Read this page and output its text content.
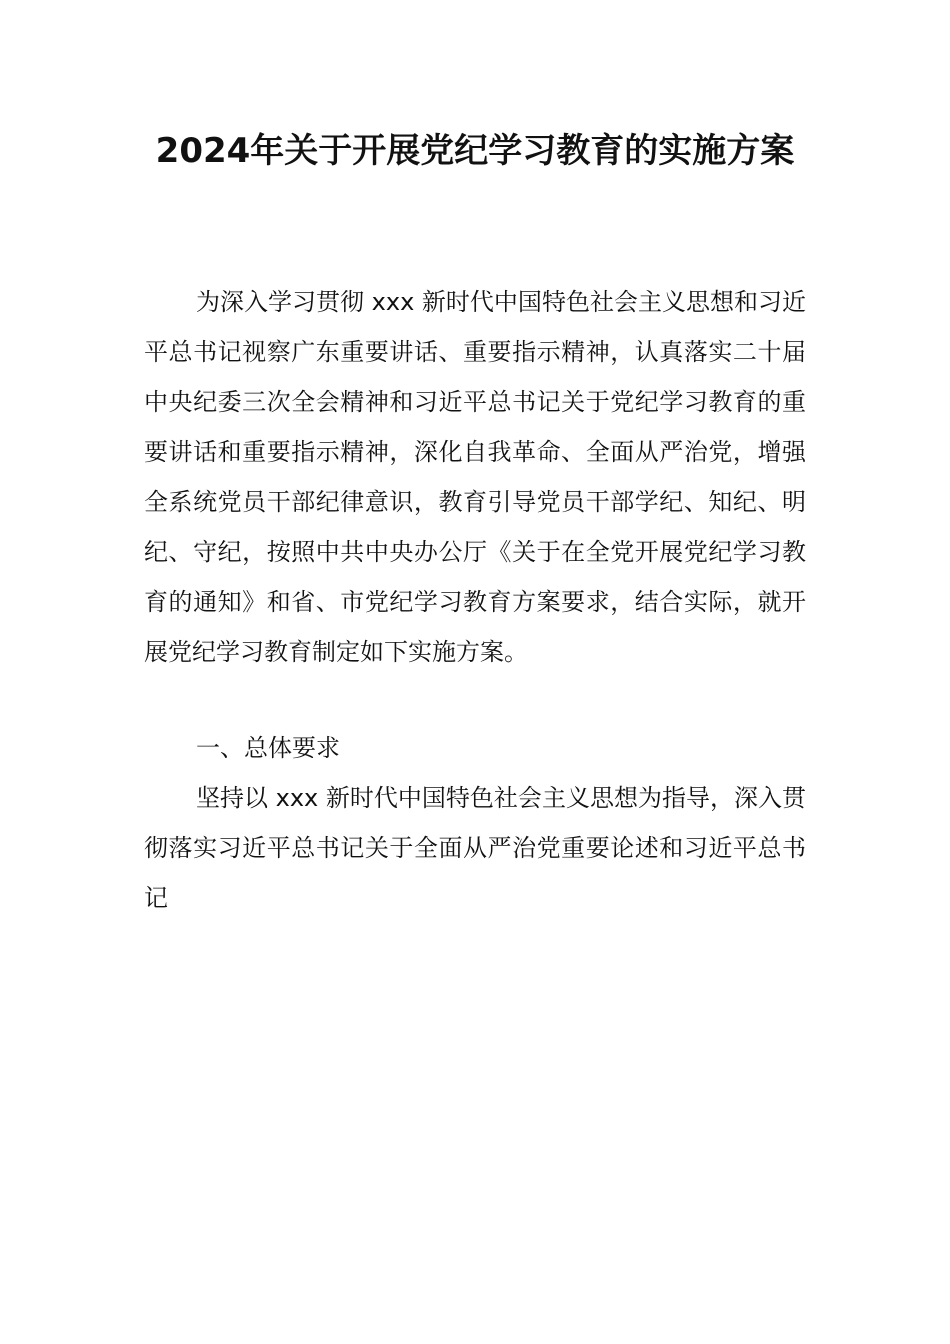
2024年关于开展党纪学习教育的实施方案

为深入学习贯彻 xxx 新时代中国特色社会主义思想和习近平总书记视察广东重要讲话、重要指示精神，认真落实二十届中央纪委三次全会精神和习近平总书记关于党纪学习教育的重要讲话和重要指示精神，深化自我革命、全面从严治党，增强全系统党员干部纪律意识，教育引导党员干部学纪、知纪、明纪、守纪，按照中共中央办公厅《关于在全党开展党纪学习教育的通知》和省、市党纪学习教育方案要求，结合实际，就开展党纪学习教育制定如下实施方案。

一、总体要求

坚持以 xxx 新时代中国特色社会主义思想为指导，深入贯彻落实习近平总书记关于全面从严治党重要论述和习近平总书记
